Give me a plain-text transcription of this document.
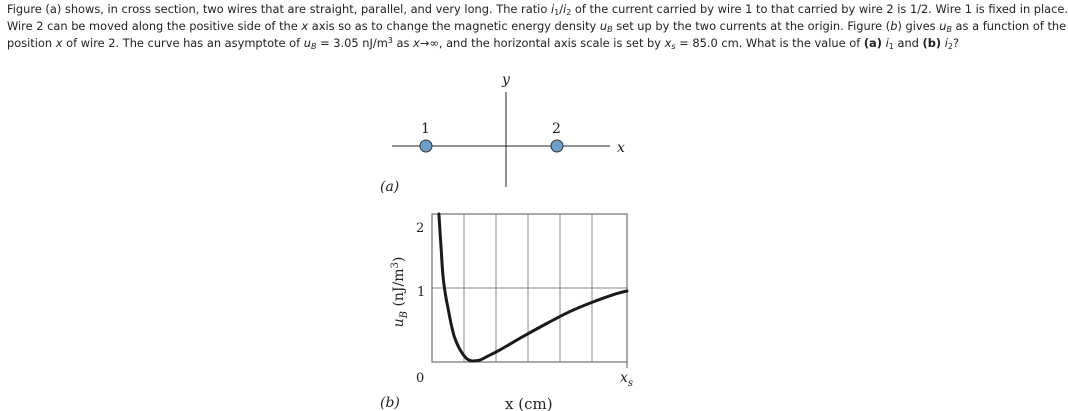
Figure (a) shows, in cross section, two wires that are straight, parallel, and very long. The ratio $i_1/i_2$ of the current carried by wire 1 to that carried by wire 2 is 1/2. Wire 1 is fixed in place.
Wire 2 can be moved along the positive side of the x axis so as to change the magnetic energy density $u_B$ set up by the two currents at the origin. Figure (b) gives $u_B$ as a function of the
position x of wire 2. The curve has an asymptote of $u_B = 3.05$ $nJ/m^3$ as x→∞, and the horizontal axis scale is set by $x_s = 85.0$ cm. What is the value of (a) $i_1$ and (b) $i_2$?
y
x
1	2
(a)
2
1
0
$u_B$ $(nJ/m^3)$
$x_s$
x (cm)
(b)
